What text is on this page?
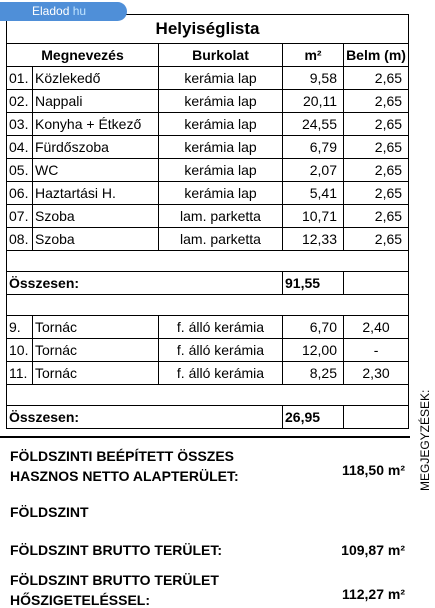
Eladod hu
Helyiséglista				
Megnevezés		Burkolat	m²	Belm (m)
01.	Közlekedő	kerámia lap	9,58	2,65
02.	Nappali	kerámia lap	20,11	2,65
03.	Konyha + Étkező	kerámia lap	24,55	2,65
04.	Fürdőszoba	kerámia lap	6,79	2,65
05.	WC	kerámia lap	2,07	2,65
06.	Haztartási H.	kerámia lap	5,41	2,65
07.	Szoba	lam. parketta	10,71	2,65
08.	Szoba	lam. parketta	12,33	2,65

Összesen:			91,55	

9.	Tornác	f. álló kerámia	6,70	2,40
10.	Tornác	f. álló kerámia	12,00	-
11.	Tornác	f. álló kerámia	8,25	2,30

Összesen:			26,95	
FÖLDSZINTI BEÉPÍTETT ÖSSZES
HASZNOS NETTO ALAPTERÜLET:	118,50 m²
FÖLDSZINT
FÖLDSZINT BRUTTO TERÜLET:	109,87 m²
FÖLDSZINT BRUTTO TERÜLET
HŐSZIGETELÉSSEL:	112,27 m²
MEGJEGYZÉSEK:
